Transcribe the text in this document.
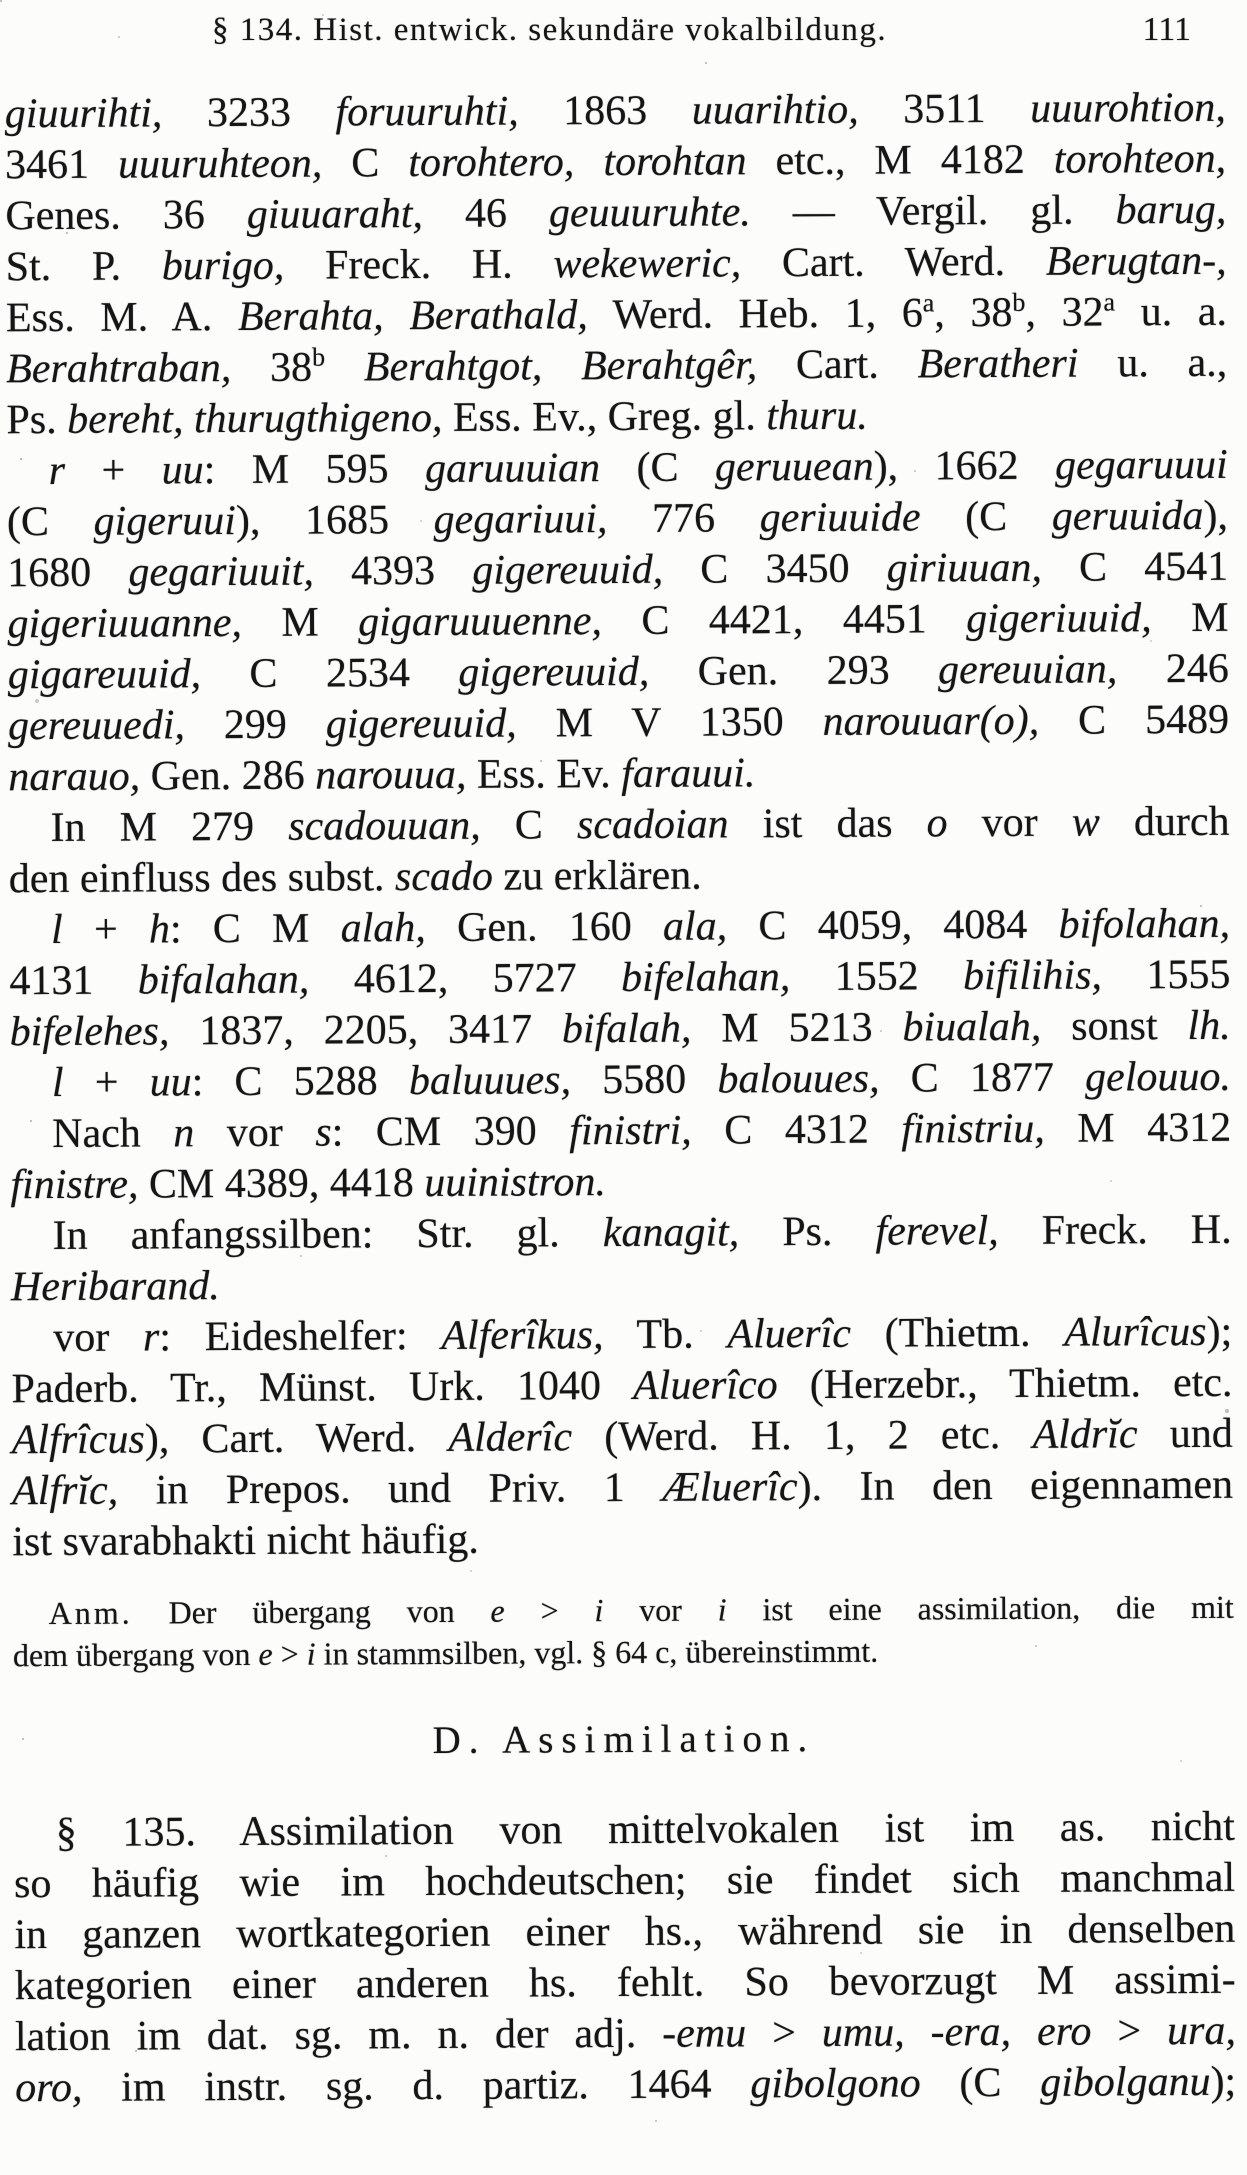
§ 134. Hist. entwick. sekundäre vokalbildung.	111
giuurihti, 3233 foruuruhti, 1863 uuarihtio, 3511 uuurohtion,
3461 uuuruhteon, C torohtero, torohtan etc., M 4182 torohteon,
Genes. 36 giuuaraht, 46 geuuuruhte. — Vergil. gl. barug,
St. P. burigo, Freck. H. wekeweric, Cart. Werd. Berugtan-,
Ess. M. A. Berahta, Berathald, Werd. Heb. 1, 6$^a$, 38$^b$, 32$^a$ u. a.
Berahtraban, 38$^b$ Berahtgot, Berahtgêr, Cart. Beratheri u. a.,
Ps. bereht, thurugthigeno, Ess. Ev., Greg. gl. thuru.
r + uu: M 595 garuuuian (C geruuean), 1662 gegaruuui
(C gigeruui), 1685 gegariuui, 776 geriuuide (C geruuida),
1680 gegariuuit, 4393 gigereuuid, C 3450 giriuuan, C 4541
gigeriuuanne, M gigaruuuenne, C 4421, 4451 gigeriuuid, M
gigareuuid, C 2534 gigereuuid, Gen. 293 gereuuian, 246
gereuuedi, 299 gigereuuid, M V 1350 narouuar(o), C 5489
narauo, Gen. 286 narouua, Ess. Ev. farauui.
In M 279 scadouuan, C scadoian ist das o vor w durch
den einfluss des subst. scado zu erklären.
l + h: C M alah, Gen. 160 ala, C 4059, 4084 bifolahan,
4131 bifalahan, 4612, 5727 bifelahan, 1552 bifilihis, 1555
bifelehes, 1837, 2205, 3417 bifalah, M 5213 biualah, sonst lh.
l + uu: C 5288 baluuues, 5580 balouues, C 1877 gelouuo.
Nach n vor s: CM 390 finistri, C 4312 finistriu, M 4312
finistre, CM 4389, 4418 uuinistron.
In anfangssilben: Str. gl. kanagit, Ps. ferevel, Freck. H.
Heribarand.
vor r: Eideshelfer: Alferîkus, Tb. Aluerîc (Thietm. Alurîcus);
Paderb. Tr., Münst. Urk. 1040 Aluerîco (Herzebr., Thietm. etc.
Alfrîcus), Cart. Werd. Alderîc (Werd. H. 1, 2 etc. Aldrĭc und
Alfrĭc, in Prepos. und Priv. 1 Æluerîc). In den eigennamen
ist svarabhakti nicht häufig.
Anm. Der übergang von e > i vor i ist eine assimilation, die mit
dem übergang von e > i in stammsilben, vgl. § 64 c, übereinstimmt.
D. Assimilation.
§ 135. Assimilation von mittelvokalen ist im as. nicht
so häufig wie im hochdeutschen; sie findet sich manchmal
in ganzen wortkategorien einer hs., während sie in denselben
kategorien einer anderen hs. fehlt. So bevorzugt M assimi-
lation im dat. sg. m. n. der adj. -emu > umu, -era, ero > ura,
oro, im instr. sg. d. partiz. 1464 gibolgono (C gibolganu);
